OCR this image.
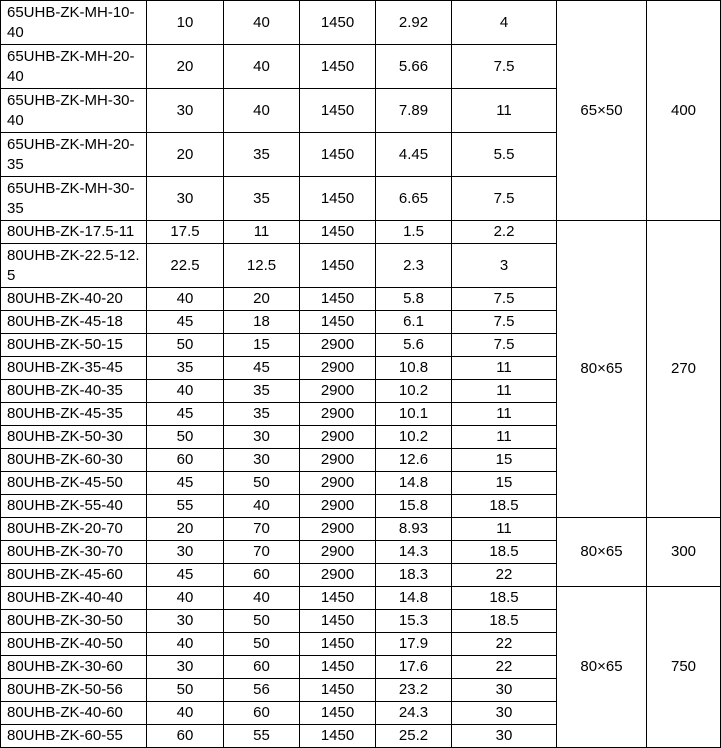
65UHB-ZK-MH-10-40	10	40	1450	2.92	4	65×50	400
65UHB-ZK-MH-20-40	20	40	1450	5.66	7.5		
65UHB-ZK-MH-30-40	30	40	1450	7.89	11		
65UHB-ZK-MH-20-35	20	35	1450	4.45	5.5		
65UHB-ZK-MH-30-35	30	35	1450	6.65	7.5		
80UHB-ZK-17.5-11	17.5	11	1450	1.5	2.2	80×65	270
80UHB-ZK-22.5-12.5	22.5	12.5	1450	2.3	3		
80UHB-ZK-40-20	40	20	1450	5.8	7.5		
80UHB-ZK-45-18	45	18	1450	6.1	7.5		
80UHB-ZK-50-15	50	15	2900	5.6	7.5		
80UHB-ZK-35-45	35	45	2900	10.8	11		
80UHB-ZK-40-35	40	35	2900	10.2	11		
80UHB-ZK-45-35	45	35	2900	10.1	11		
80UHB-ZK-50-30	50	30	2900	10.2	11		
80UHB-ZK-60-30	60	30	2900	12.6	15		
80UHB-ZK-45-50	45	50	2900	14.8	15		
80UHB-ZK-55-40	55	40	2900	15.8	18.5		
80UHB-ZK-20-70	20	70	2900	8.93	11	80×65	300
80UHB-ZK-30-70	30	70	2900	14.3	18.5		
80UHB-ZK-45-60	45	60	2900	18.3	22		
80UHB-ZK-40-40	40	40	1450	14.8	18.5	80×65	750
80UHB-ZK-30-50	30	50	1450	15.3	18.5		
80UHB-ZK-40-50	40	50	1450	17.9	22		
80UHB-ZK-30-60	30	60	1450	17.6	22		
80UHB-ZK-50-56	50	56	1450	23.2	30		
80UHB-ZK-40-60	40	60	1450	24.3	30		
80UHB-ZK-60-55	60	55	1450	25.2	30		
